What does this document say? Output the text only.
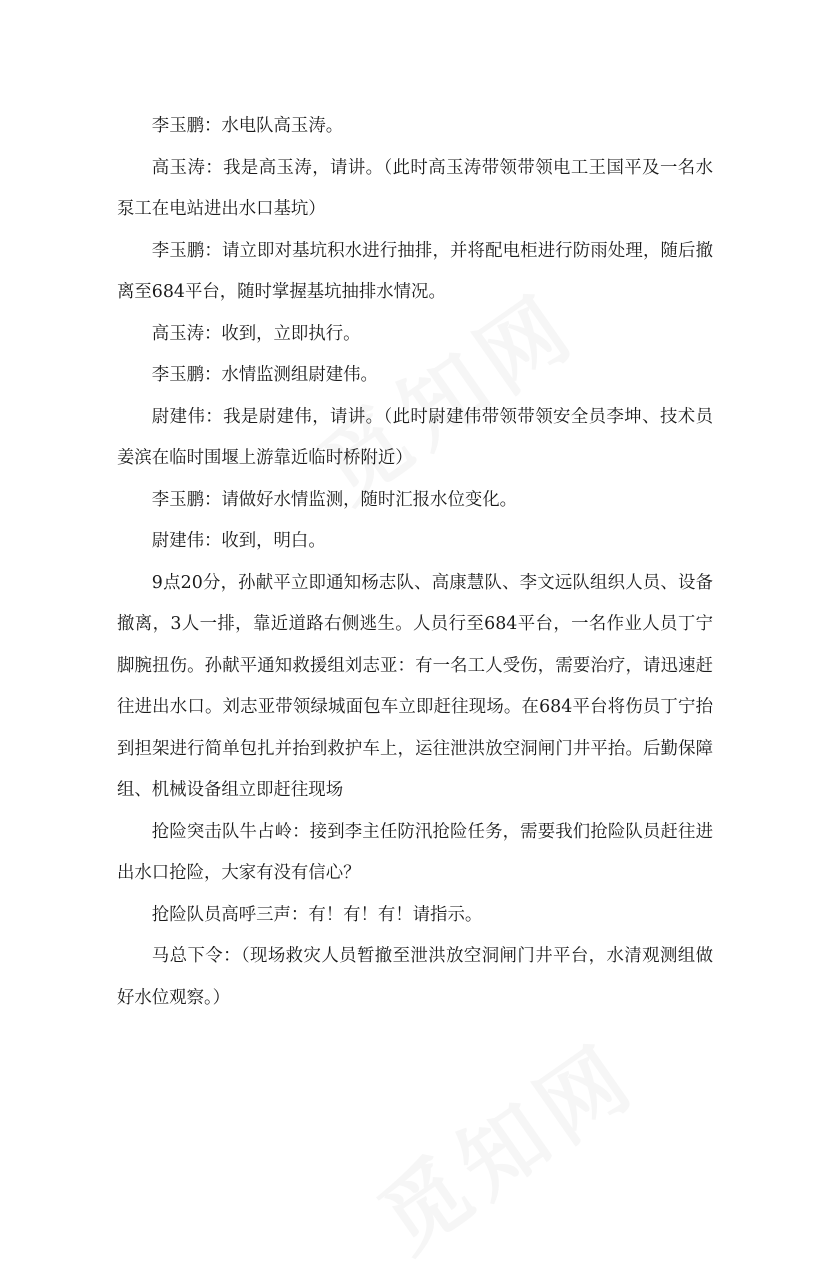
李玉鹏：水电队高玉涛。

高玉涛：我是高玉涛，请讲。（此时高玉涛带领带领电工王国平及一名水泵工在电站进出水口基坑）

李玉鹏：请立即对基坑积水进行抽排，并将配电柜进行防雨处理，随后撤离至684平台，随时掌握基坑抽排水情况。

高玉涛：收到，立即执行。

李玉鹏：水情监测组尉建伟。

尉建伟：我是尉建伟，请讲。（此时尉建伟带领带领安全员李坤、技术员姜滨在临时围堰上游靠近临时桥附近）

李玉鹏：请做好水情监测，随时汇报水位变化。

尉建伟：收到，明白。

9点20分，孙献平立即通知杨志队、高康慧队、李文远队组织人员、设备撤离，3人一排，靠近道路右侧逃生。人员行至684平台，一名作业人员丁宁脚腕扭伤。孙献平通知救援组刘志亚：有一名工人受伤，需要治疗，请迅速赶往进出水口。刘志亚带领绿城面包车立即赶往现场。在684平台将伤员丁宁抬到担架进行简单包扎并抬到救护车上，运往泄洪放空洞闸门井平抬。后勤保障组、机械设备组立即赶往现场

抢险突击队牛占岭：接到李主任防汛抢险任务，需要我们抢险队员赶往进出水口抢险，大家有没有信心？

抢险队员高呼三声：有！有！有！请指示。

马总下令：（现场救灾人员暂撤至泄洪放空洞闸门井平台，水清观测组做好水位观察。）
